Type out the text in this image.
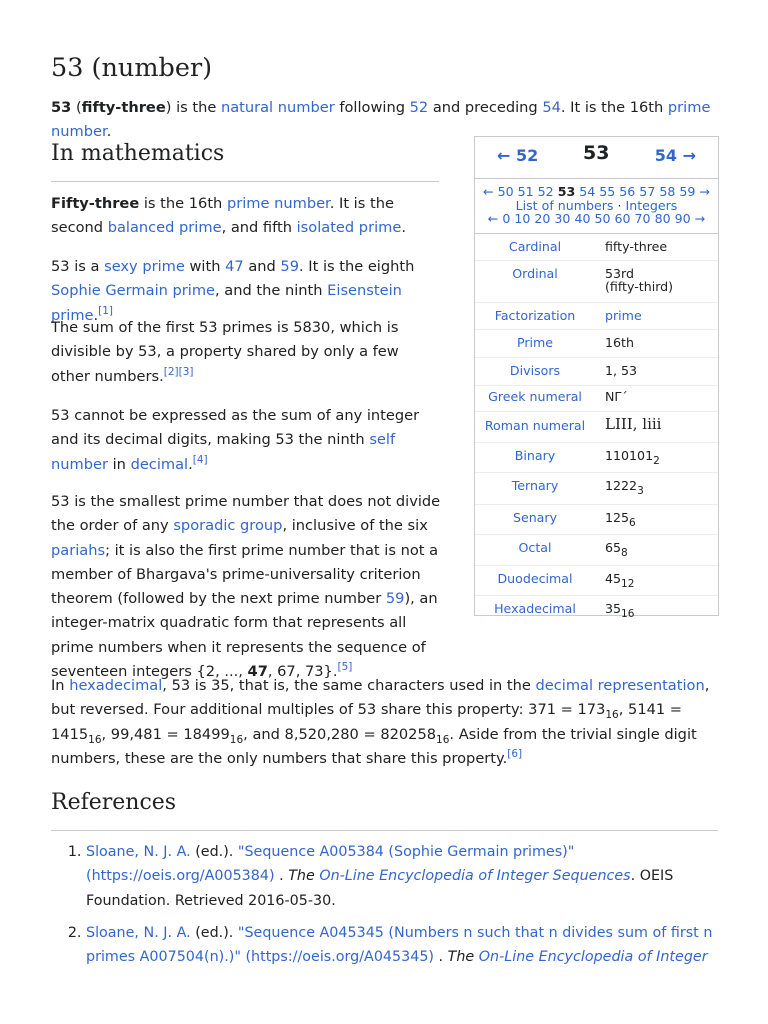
53 (number)

53 (fifty-three) is the natural number following 52 and preceding 54. It is the 16th prime number.

In mathematics

Fifty-three is the 16th prime number. It is the second balanced prime, and fifth isolated prime.

53 is a sexy prime with 47 and 59. It is the eighth Sophie Germain prime, and the ninth Eisenstein prime.[1]

The sum of the first 53 primes is 5830, which is divisible by 53, a property shared by only a few other numbers.[2][3]

53 cannot be expressed as the sum of any integer and its decimal digits, making 53 the ninth self number in decimal.[4]

53 is the smallest prime number that does not divide the order of any sporadic group, inclusive of the six pariahs; it is also the first prime number that is not a member of Bhargava's prime-universality criterion theorem (followed by the next prime number 59), an integer-matrix quadratic form that represents all prime numbers when it represents the sequence of seventeen integers {2, ..., 47, 67, 73}.[5]

In hexadecimal, 53 is 35, that is, the same characters used in the decimal representation, but reversed. Four additional multiples of 53 share this property: $371 = 173_{16}$, $5141 = 1415_{16}$, $99,481 = 18499_{16}$, and $8,520,280 = 820258_{16}$. Aside from the trivial single digit numbers, these are the only numbers that share this property.[6]

References
1. Sloane, N. J. A. (ed.). "Sequence A005384 (Sophie Germain primes)" (https://oeis.org/A005384) . The On-Line Encyclopedia of Integer Sequences. OEIS Foundation. Retrieved 2016-05-30.
2. Sloane, N. J. A. (ed.). "Sequence A045345 (Numbers n such that n divides sum of first n primes A007504(n).)" (https://oeis.org/A045345) . The On-Line Encyclopedia of Integer
← 52 53	54 →
← 50 51 52 53 54 55 56 57 58 59 →
List of numbers · Integers
← 0 10 20 30 40 50 60 70 80 90 →
Cardinal	fifty-three
Ordinal	53rd
(fifty-third)
Factorization	prime
Prime	16th
Divisors	1, 53
Greek numeral	ΝΓ´
Roman numeral	LIII, liii
Binary	$110101_2$
Ternary	$1222_3$
Senary	$125_6$
Octal	$65_8$
Duodecimal	$45_{12}$
Hexadecimal	$35_{16}$
